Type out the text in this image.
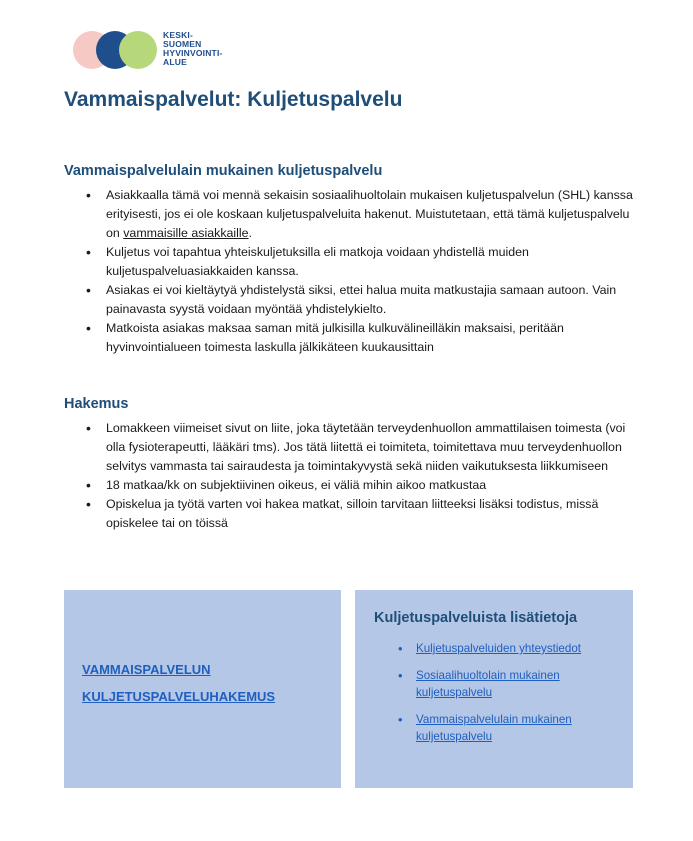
KESKI-
SUOMEN
HYVINVOINTI-
ALUE
Vammaispalvelut: Kuljetuspalvelu
Vammaispalvelulain mukainen kuljetuspalvelu
• Asiakkaalla tämä voi mennä sekaisin sosiaalihuoltolain mukaisen kuljetuspalvelun (SHL) kanssa erityisesti, jos ei ole koskaan kuljetuspalveluita hakenut. Muistutetaan, että tämä kuljetuspalvelu on vammaisille asiakkaille.
• Kuljetus voi tapahtua yhteiskuljetuksilla eli matkoja voidaan yhdistellä muiden kuljetuspalveluasiakkaiden kanssa.
• Asiakas ei voi kieltäytyä yhdistelystä siksi, ettei halua muita matkustajia samaan autoon. Vain painavasta syystä voidaan myöntää yhdistelykielto.
• Matkoista asiakas maksaa saman mitä julkisilla kulkuvälineilläkin maksaisi, peritään hyvinvointialueen toimesta laskulla jälkikäteen kuukausittain
Hakemus
• Lomakkeen viimeiset sivut on liite, joka täytetään terveydenhuollon ammattilaisen toimesta (voi olla fysioterapeutti, lääkäri tms). Jos tätä liitettä ei toimiteta, toimitettava muu terveydenhuollon selvitys vammasta tai sairaudesta ja toimintakyvystä sekä niiden vaikutuksesta liikkumiseen
• 18 matkaa/kk on subjektiivinen oikeus, ei väliä mihin aikoo matkustaa
• Opiskelua ja työtä varten voi hakea matkat, silloin tarvitaan liitteeksi lisäksi todistus, missä opiskelee tai on töissä
VAMMAISPALVELUN
KULJETUSPALVELUHAKEMUS
Kuljetuspalveluista lisätietoja
• Kuljetuspalveluiden yhteystiedot
• Sosiaalihuoltolain mukainen kuljetuspalvelu
• Vammaispalvelulain mukainen kuljetuspalvelu
